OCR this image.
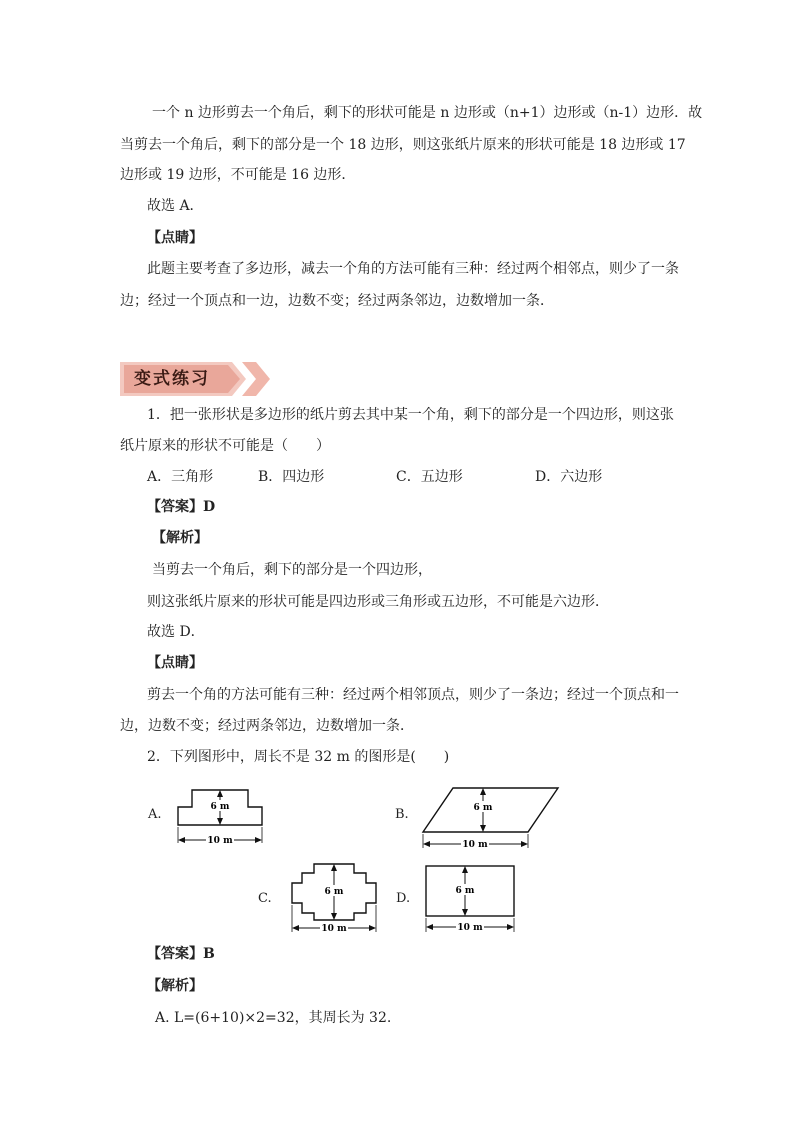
一个 n 边形剪去一个角后，剩下的形状可能是 n 边形或（n+1）边形或（n-1）边形．故
当剪去一个角后，剩下的部分是一个 18 边形，则这张纸片原来的形状可能是 18 边形或 17
边形或 19 边形，不可能是 16 边形．
故选 A．
【点睛】
此题主要考查了多边形，减去一个角的方法可能有三种：经过两个相邻点，则少了一条
边；经过一个顶点和一边，边数不变；经过两条邻边，边数增加一条．
变式练习
1．把一张形状是多边形的纸片剪去其中某一个角，剩下的部分是一个四边形，则这张
纸片原来的形状不可能是（　　）
A．三角形	B．四边形	C．五边形	D．六边形
【答案】D
【解析】
当剪去一个角后，剩下的部分是一个四边形，
则这张纸片原来的形状可能是四边形或三角形或五边形，不可能是六边形．
故选 D．
【点睛】
剪去一个角的方法可能有三种：经过两个相邻顶点，则少了一条边；经过一个顶点和一
边，边数不变；经过两条邻边，边数增加一条．
2．下列图形中，周长不是 32 m 的图形是(　　)
A.	6 m
10 m
B.	6 m
10 m
C.	6 m
10 m
D.	6 m
10 m
【答案】B
【解析】
A. L=(6+10)×2=32，其周长为 32.
